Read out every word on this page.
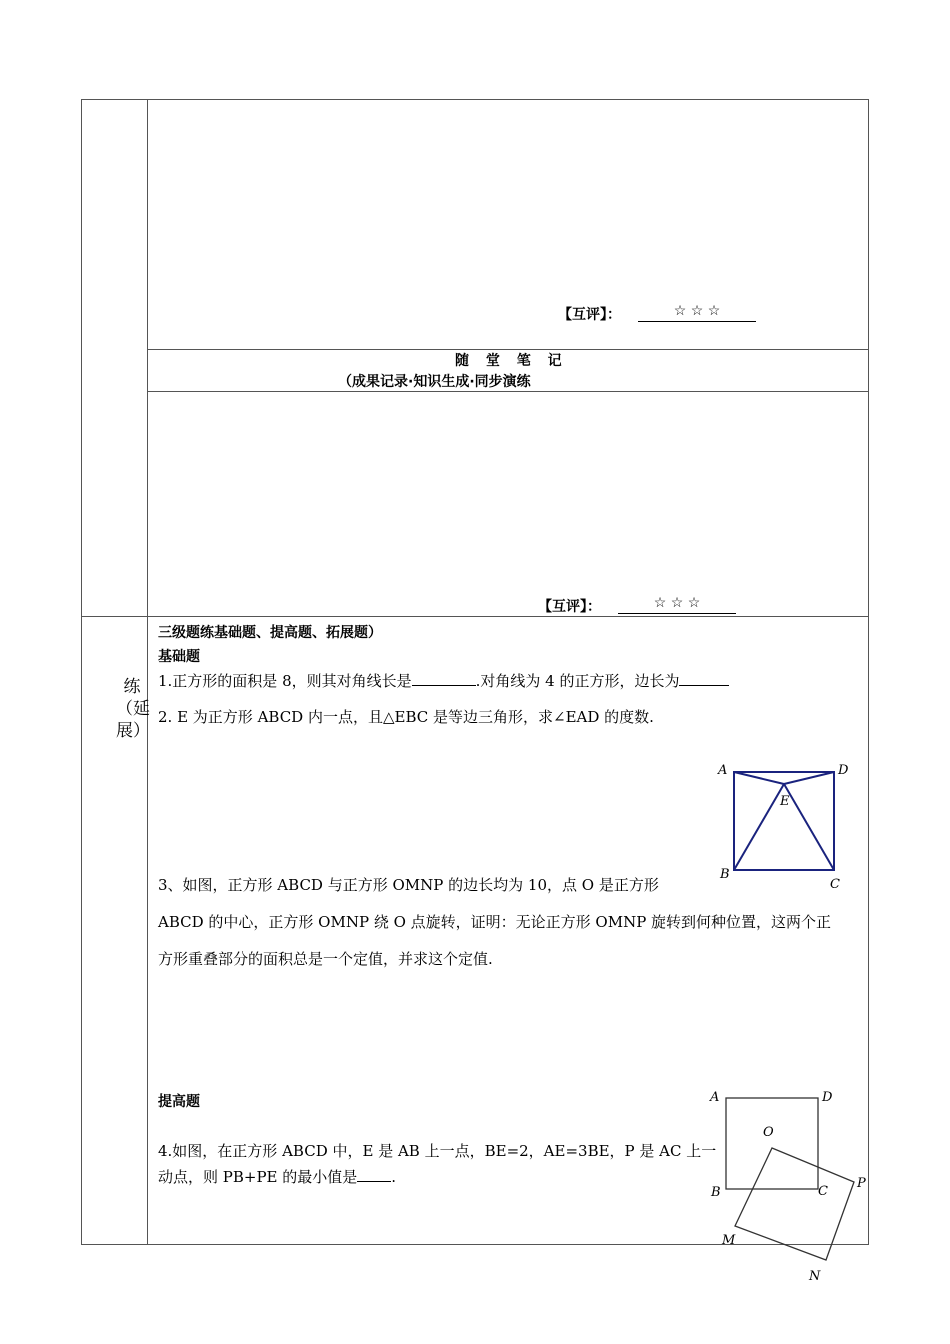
【互评】：	☆ ☆ ☆
随 堂 笔 记
（成果记录·知识生成·同步演练
【互评】：	☆ ☆ ☆
练（延展）
三级题练基础题、提高题、拓展题）
基础题
1.正方形的面积是 8，则其对角线长是	.对角线为 4 的正方形，边长为
2. E 为正方形 ABCD 内一点，且△EBC 是等边三角形，求∠EAD 的度数.
A	D
E
B
C
3、如图，正方形 ABCD 与正方形 OMNP 的边长均为 10，点 O 是正方形
ABCD 的中心，正方形 OMNP 绕 O 点旋转，证明：无论正方形 OMNP 旋转到何种位置，这两个正
方形重叠部分的面积总是一个定值，并求这个定值.
提高题
4.如图，在正方形 ABCD 中，E 是 AB 上一点，BE=2，AE=3BE，P 是 AC 上一
动点，则 PB+PE 的最小值是 .
A	D
O
B	C
P
M
N
